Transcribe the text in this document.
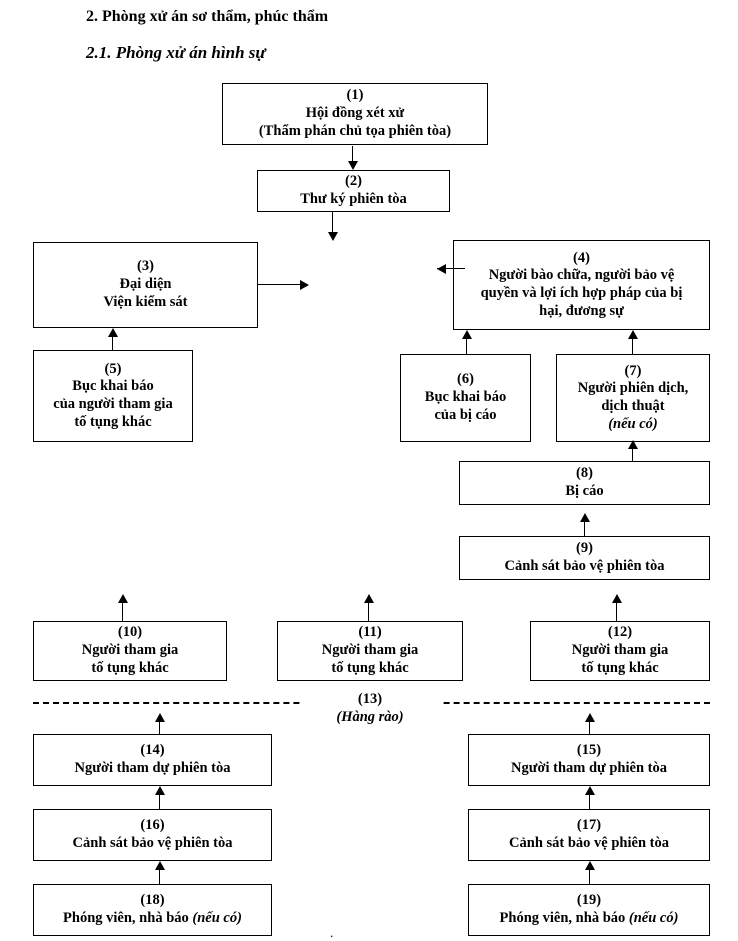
2. Phòng xử án sơ thẩm, phúc thẩm
2.1. Phòng xử án hình sự
(1)
Hội đồng xét xử
(Thẩm phán chủ tọa phiên tòa)
(2)
Thư ký phiên tòa
(3)
Đại diện
Viện kiểm sát
(4)
Người bào chữa, người bảo vệ
quyền và lợi ích hợp pháp của bị
hại, đương sự
(5)
Bục khai báo
của người tham gia
tố tụng khác
(6)
Bục khai báo
của bị cáo
(7)
Người phiên dịch,
dịch thuật
(nếu có)
(8)
Bị cáo
(9)
Cảnh sát bảo vệ phiên tòa
(10)
Người tham gia
tố tụng khác
(11)
Người tham gia
tố tụng khác
(12)
Người tham gia
tố tụng khác
(13)
(Hàng rào)
(14)
Người tham dự phiên tòa
(15)
Người tham dự phiên tòa
(16)
Cảnh sát bảo vệ phiên tòa
(17)
Cảnh sát bảo vệ phiên tòa
(18)
Phóng viên, nhà báo (nếu có)
(19)
Phóng viên, nhà báo (nếu có)
.
